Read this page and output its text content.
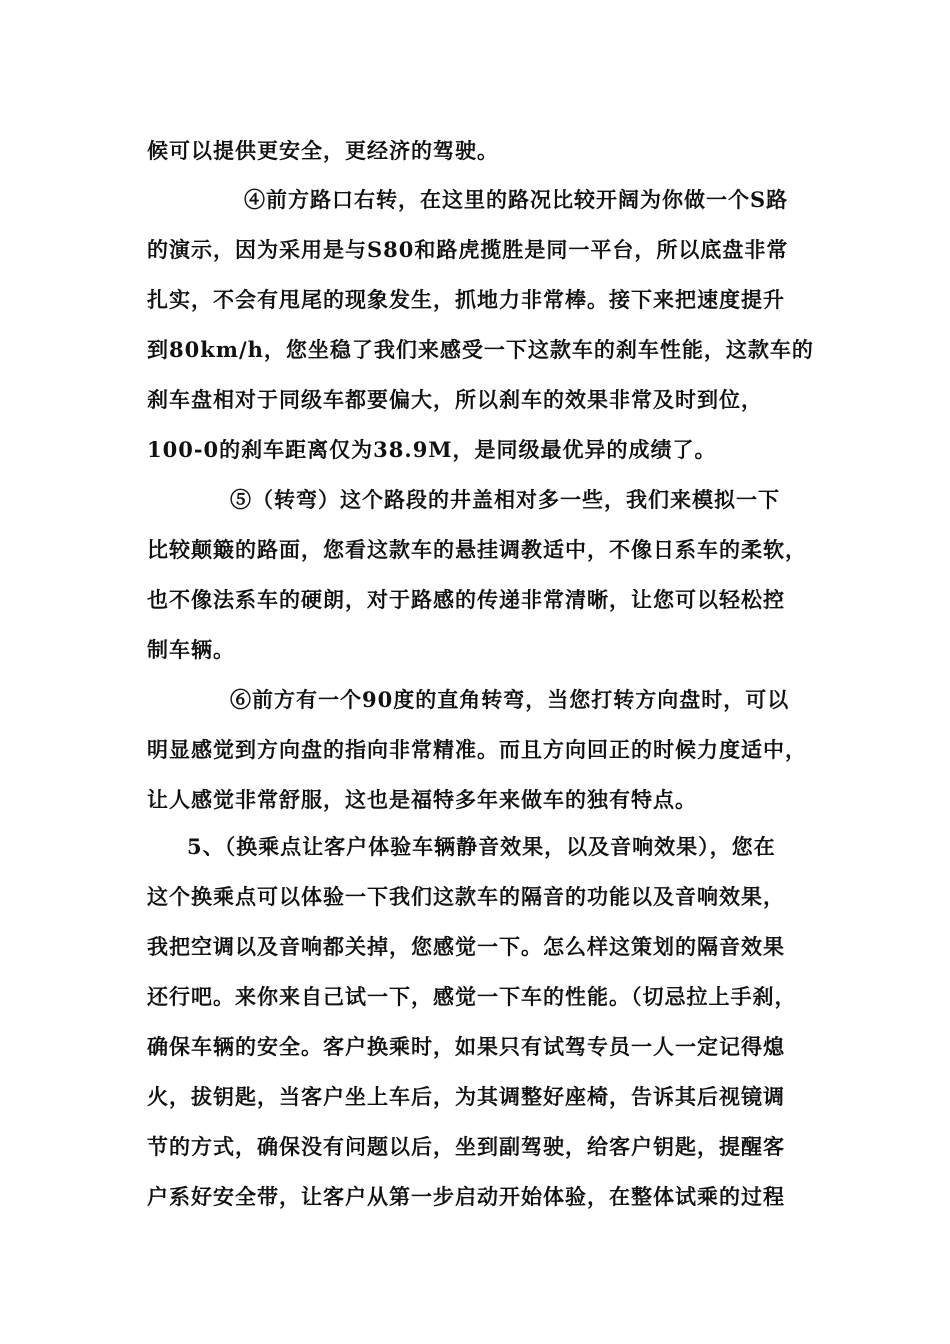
候可以提供更安全，更经济的驾驶。
④前方路口右转，在这里的路况比较开阔为你做一个S路
的演示，因为采用是与S80和路虎揽胜是同一平台，所以底盘非常
扎实，不会有甩尾的现象发生，抓地力非常棒。接下来把速度提升
到80km/h，您坐稳了我们来感受一下这款车的刹车性能，这款车的
刹车盘相对于同级车都要偏大，所以刹车的效果非常及时到位，
100-0的刹车距离仅为38.9M，是同级最优异的成绩了。
⑤（转弯）这个路段的井盖相对多一些，我们来模拟一下
比较颠簸的路面，您看这款车的悬挂调教适中，不像日系车的柔软，
也不像法系车的硬朗，对于路感的传递非常清晰，让您可以轻松控
制车辆。
⑥前方有一个90度的直角转弯，当您打转方向盘时，可以
明显感觉到方向盘的指向非常精准。而且方向回正的时候力度适中，
让人感觉非常舒服，这也是福特多年来做车的独有特点。
5、（换乘点让客户体验车辆静音效果，以及音响效果），您在
这个换乘点可以体验一下我们这款车的隔音的功能以及音响效果，
我把空调以及音响都关掉，您感觉一下。怎么样这策划的隔音效果
还行吧。来你来自己试一下，感觉一下车的性能。（切忌拉上手刹，
确保车辆的安全。客户换乘时，如果只有试驾专员一人一定记得熄
火，拔钥匙，当客户坐上车后，为其调整好座椅，告诉其后视镜调
节的方式，确保没有问题以后，坐到副驾驶，给客户钥匙，提醒客
户系好安全带，让客户从第一步启动开始体验，在整体试乘的过程
